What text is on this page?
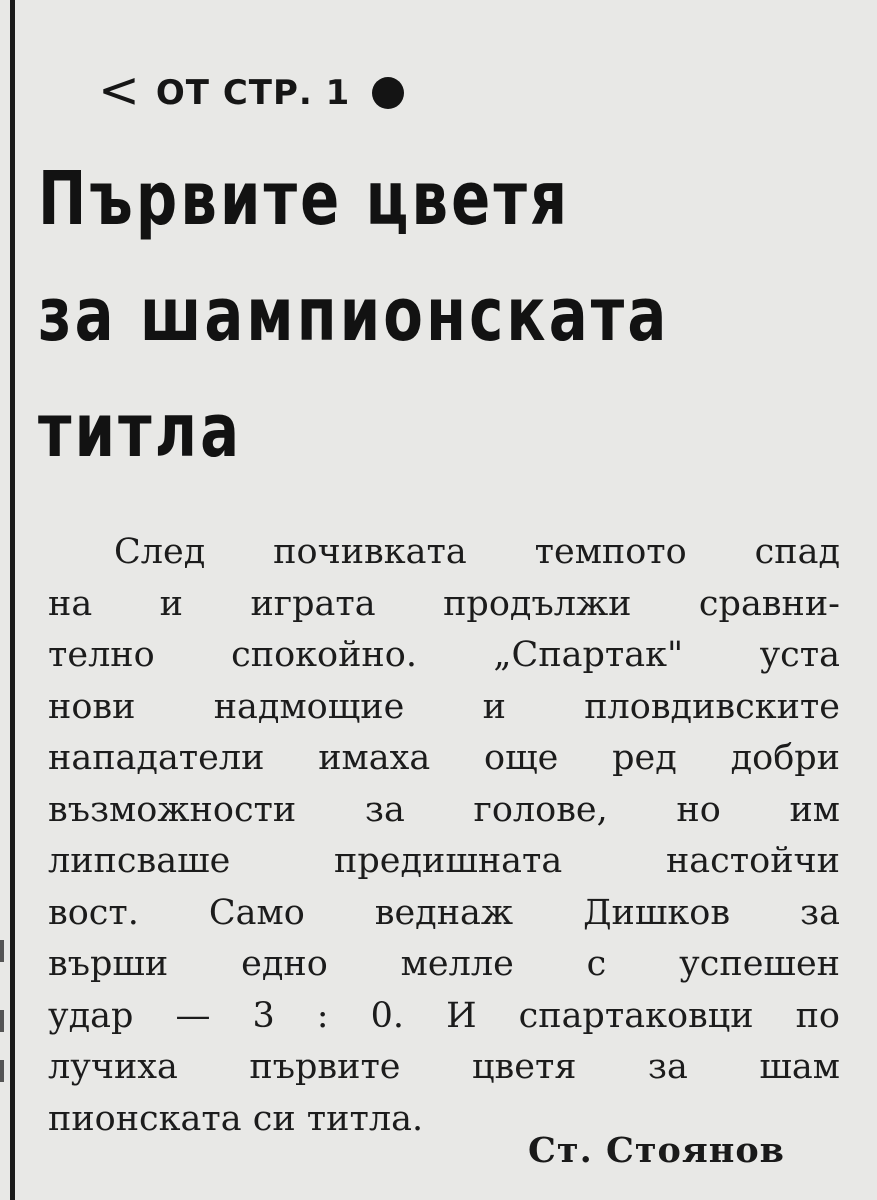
< ОТ СТР. 1
Първите цветя
за шампионската
титла
След почивката темпото спад
на и играта продължи сравни-
телно спокойно. „Спартак" уста
нови надмощие и пловдивските
нападатели имаха още ред добри
възможности за голове, но им
липсваше предишната настойчи
вост. Само веднаж Дишков за
върши едно мелле с успешен
удар — 3 : 0. И спартаковци по
лучиха първите цветя за шам
пионската си титла.
Ст. Стоянов
